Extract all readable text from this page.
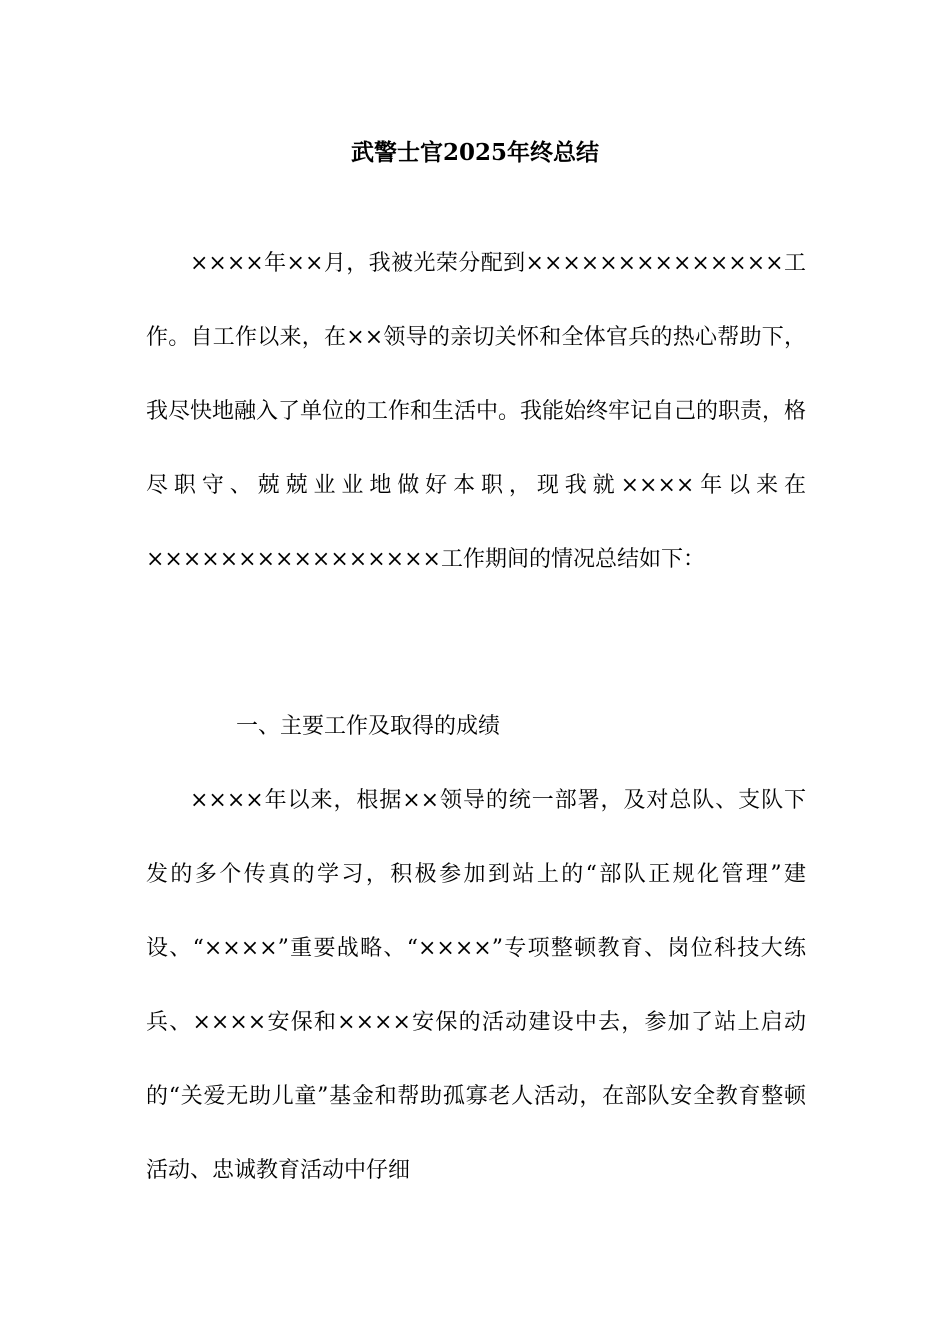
武警士官2025年终总结

××××年××月，我被光荣分配到××××××××××××××工作。自工作以来，在××领导的亲切关怀和全体官兵的热心帮助下，我尽快地融入了单位的工作和生活中。我能始终牢记自己的职责，格尽职守、兢兢业业地做好本职，现我就××××年以来在××××××××××××××××工作期间的情况总结如下：

一、主要工作及取得的成绩

××××年以来，根据××领导的统一部署，及对总队、支队下发的多个传真的学习，积极参加到站上的“部队正规化管理”建设、“××××”重要战略、“××××”专项整顿教育、岗位科技大练兵、××××安保和××××安保的活动建设中去，参加了站上启动的“关爱无助儿童”基金和帮助孤寡老人活动，在部队安全教育整顿活动、忠诚教育活动中仔细
